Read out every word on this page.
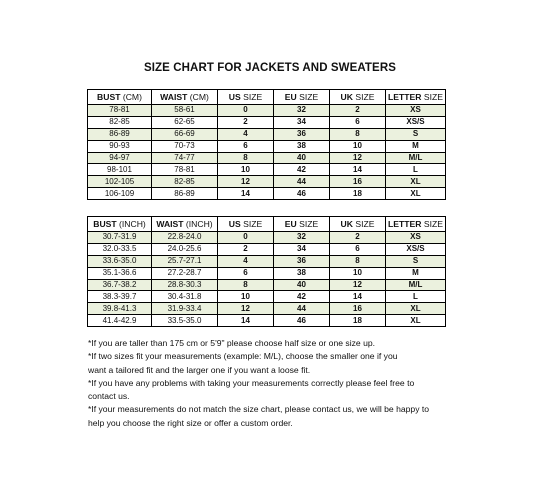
SIZE CHART FOR JACKETS AND SWEATERS
BUST (CM)	WAIST (CM)	US SIZE	EU SIZE	UK SIZE	LETTER SIZE
78-81	58-61	0	32	2	XS
82-85	62-65	2	34	6	XS/S
86-89	66-69	4	36	8	S
90-93	70-73	6	38	10	M
94-97	74-77	8	40	12	M/L
98-101	78-81	10	42	14	L
102-105	82-85	12	44	16	XL
106-109	86-89	14	46	18	XL
BUST (INCH)	WAIST (INCH)	US SIZE	EU SIZE	UK SIZE	LETTER SIZE
30.7-31.9	22.8-24.0	0	32	2	XS
32.0-33.5	24.0-25.6	2	34	6	XS/S
33.6-35.0	25.7-27.1	4	36	8	S
35.1-36.6	27.2-28.7	6	38	10	M
36.7-38.2	28.8-30.3	8	40	12	M/L
38.3-39.7	30.4-31.8	10	42	14	L
39.8-41.3	31.9-33.4	12	44	16	XL
41.4-42.9	33.5-35.0	14	46	18	XL

*If you are taller than 175 cm or 5'9" please choose half size or one size up.

*If two sizes fit your measurements (example: M/L), choose the smaller one if you

want a tailored fit and the larger one if you want a loose fit.

*If you have any problems with taking your measurements correctly please feel free to

contact us.

*If your measurements do not match the size chart, please contact us, we will be happy to

help you choose the right size or offer a custom order.
